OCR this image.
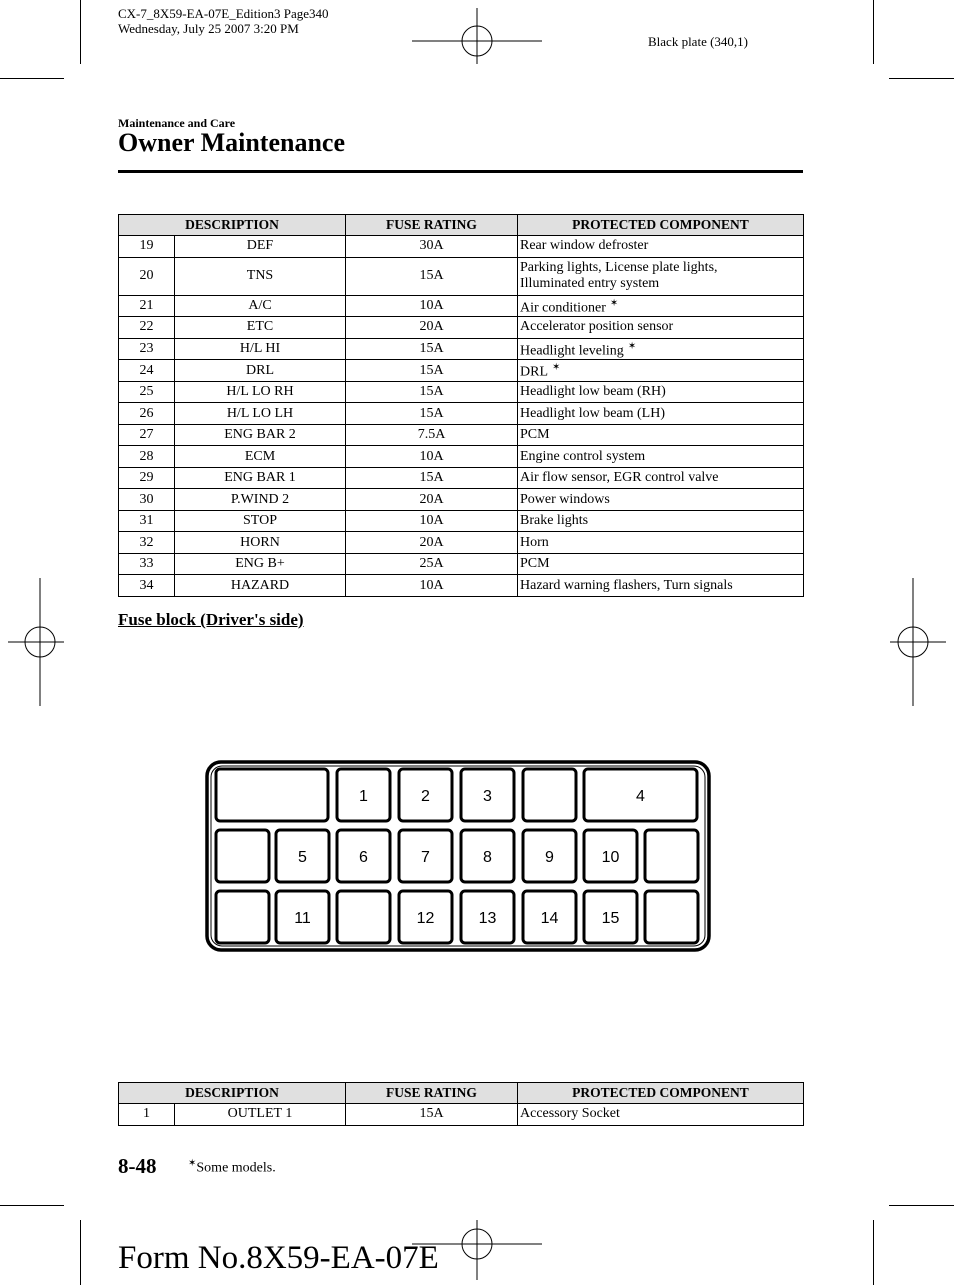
CX-7_8X59-EA-07E_Edition3 Page340
Wednesday, July 25 2007 3:20 PM
Black plate (340,1)
Maintenance and Care
Owner Maintenance
DESCRIPTION		FUSE RATING	PROTECTED COMPONENT
19	DEF	30A	Rear window defroster
20	TNS	15A	Parking lights, License plate lights,
Illuminated entry system
21	A/C	10A	Air conditioner ✶
22	ETC	20A	Accelerator position sensor
23	H/L HI	15A	Headlight leveling ✶
24	DRL	15A	DRL ✶
25	H/L LO RH	15A	Headlight low beam (RH)
26	H/L LO LH	15A	Headlight low beam (LH)
27	ENG BAR 2	7.5A	PCM
28	ECM	10A	Engine control system
29	ENG BAR 1	15A	Air flow sensor, EGR control valve
30	P.WIND 2	20A	Power windows
31	STOP	10A	Brake lights
32	HORN	20A	Horn
33	ENG B+	25A	PCM
34	HAZARD	10A	Hazard warning flashers, Turn signals
Fuse block (Driver's side)
1	2	3	4
5	6	7	8	9	10
11	12	13	14	15
DESCRIPTION		FUSE RATING	PROTECTED COMPONENT
1	OUTLET 1	15A	Accessory Socket
8-48	✶Some models.
Form No.8X59-EA-07E
